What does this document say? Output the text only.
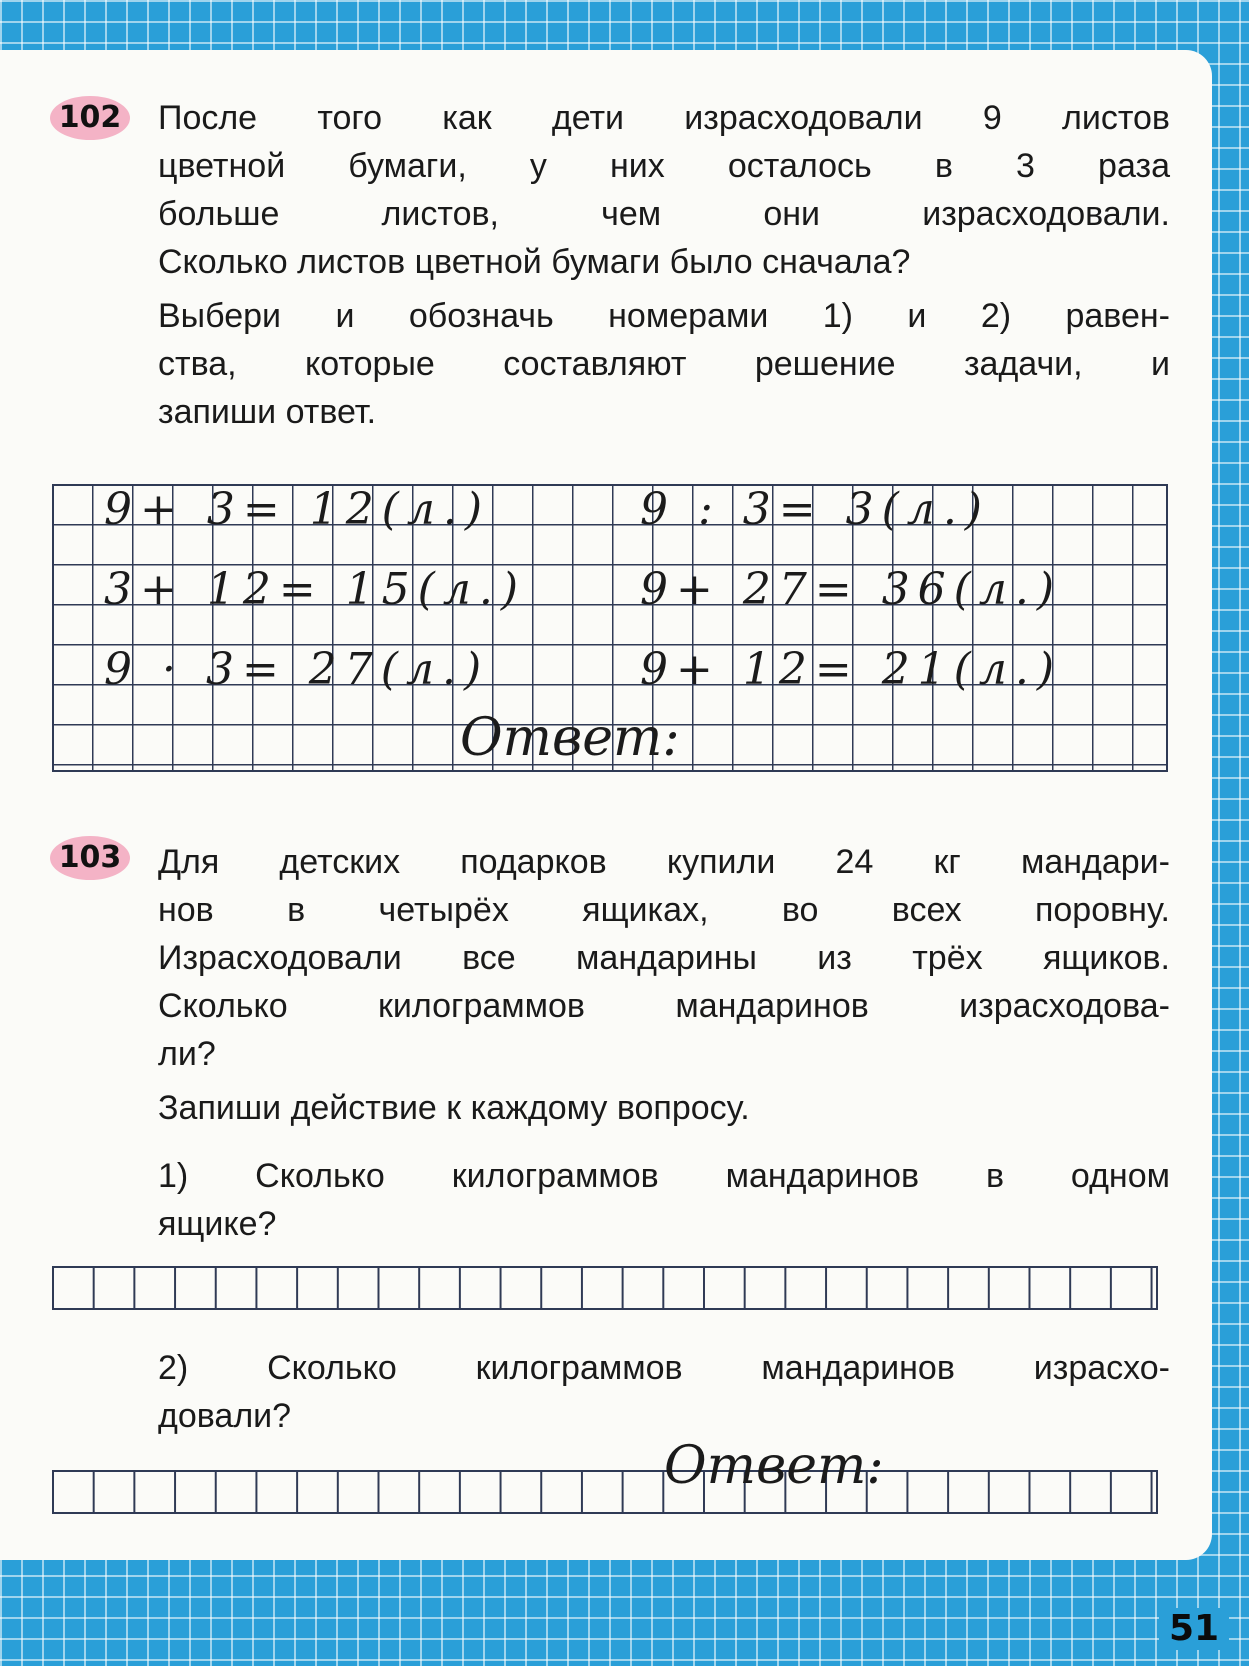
102 После того как дети израсходовали 9 листов
цветной бумаги, у них осталось в 3 раза
больше листов, чем они израсходовали.
Сколько листов цветной бумаги было сначала?
Выбери и обозначь номерами 1) и 2) равен-
ства, которые составляют решение задачи, и
запиши ответ.
9+ 3= 12(л.)	9 : 3= 3(л.)
3+ 12= 15(л.)	9+ 27= 36(л.)
9 · 3= 27(л.)	9+ 12= 21(л.)
Ответ:
103 Для детских подарков купили 24 кг мандари-
нов в четырёх ящиках, во всех поровну.
Израсходовали все мандарины из трёх ящиков.
Сколько килограммов мандаринов израсходова-
ли?
Запиши действие к каждому вопросу.
1) Сколько килограммов мандаринов в одном
ящике?
2) Сколько килограммов мандаринов израсхо-
довали?
Ответ:
51
